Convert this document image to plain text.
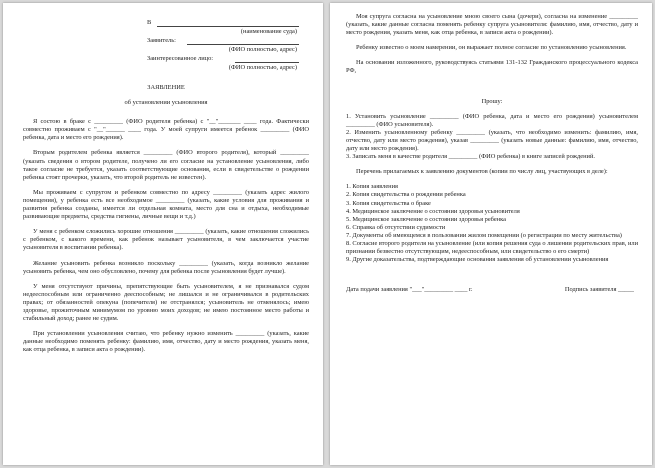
В
(наименование суда)
Заявитель:
(ФИО полностью, адрес)
Заинтересованное лицо:
(ФИО полностью, адрес)
ЗАЯВЛЕНИЕ
об установлении усыновления

Я состою в браке с _________ (ФИО родителя ребенка) с "__"_______ ____ года. Фактически совместно проживаем с "__"______ ____ года. У моей супруги имеется ребенок _________ (ФИО ребенка, дата и место его рождения).

Вторым родителем ребенка является _________ (ФИО второго родителя), который _________ (указать сведения о втором родителе, получено ли его согласие на установление усыновления, либо такое согласие не требуется, указать соответствующие основания, если в свидетельстве о рождении ребенка стоят прочерки, указать, что второй родитель не известен).

Мы проживаем с супругом и ребенком совместно по адресу _________ (указать адрес жилого помещения), у ребенка есть все необходимое _________ (указать, какие условия для проживания и развития ребенка созданы, имеется ли отдельная комната, место для сна и отдыха, необходимые развивающие предметы, средства гигиены, личные вещи и т.д.)

У меня с ребенком сложились хорошие отношения _________ (указать, какие отношения сложились с ребенком, с какого времени, как ребенок называет усыновителя, в чем заключается участие усыновителя в воспитании ребенка).

Желание усыновить ребенка возникло поскольку _________ (указать, когда возникло желание усыновить ребенка, чем оно обусловлено, почему для ребенка после усыновления будет лучше).

У меня отсутствуют причины, препятствующие быть усыновителем, я не признавался судом недееспособным или ограниченно дееспособным; не лишался и не ограничивался в родительских правах; от обязанностей опекуна (попечителя) не отстранялся; усыновитель не отменялось; имею здоровье, прожиточным минимумом по уровню моих доходов; не имею постоянное место работы и стабильный доход; ранее не судим.

При установлении усыновления считаю, что ребенку нужно изменить _________ (указать, какие данные необходимо поменять ребенку: фамилию, имя, отчество, дату и место рождения, указать меня, как отца ребенка, в записи акта о рождении).

Моя супруга согласна на усыновление мною своего сына (дочери), согласна на изменение _________ (указать, какие данные согласна поменять ребенку супруга усыновителя: фамилию, имя, отчество, дату и место рождения, указать меня, как отца ребенка, в записи акта о рождении).

Ребенку известно о моем намерении, он выражает полное согласие по установлению усыновления.

На основании изложенного, руководствуясь статьями 131-132 Гражданского процессуального кодекса РФ,

Прошу:
1. Установить усыновление _________ (ФИО ребенка, дата и место его рождения) усыновителем _________ (ФИО усыновителя).
2. Изменить усыновленному ребенку _________ (указать, что необходимо изменить: фамилию, имя, отчество, дату или место рождения), указав _________ (указать новые данные: фамилию, имя, отчество, дату или место рождения).
3. Записать меня в качестве родителя _________ (ФИО ребенка) в книге записей рождений.

Перечень прилагаемых к заявлению документов (копии по числу лиц, участвующих в деле):

1. Копия заявления
2. Копия свидетельства о рождении ребенка
3. Копия свидетельства о браке
4. Медицинское заключение о состоянии здоровья усыновителя
5. Медицинское заключение о состоянии здоровья ребенка
6. Справка об отсутствии судимости
7. Документы об имеющемся в пользовании жилом помещении (о регистрации по месту жительства)
8. Согласие второго родителя на усыновление (или копия решения суда о лишении родительских прав, или признании безвестно отсутствующим, недееспособным, или свидетельство о его смерти)
9. Другие доказательства, подтверждающие основания заявления об установлении усыновления
Дата подачи заявления "___"_________ ____ г.	Подпись заявителя _____
